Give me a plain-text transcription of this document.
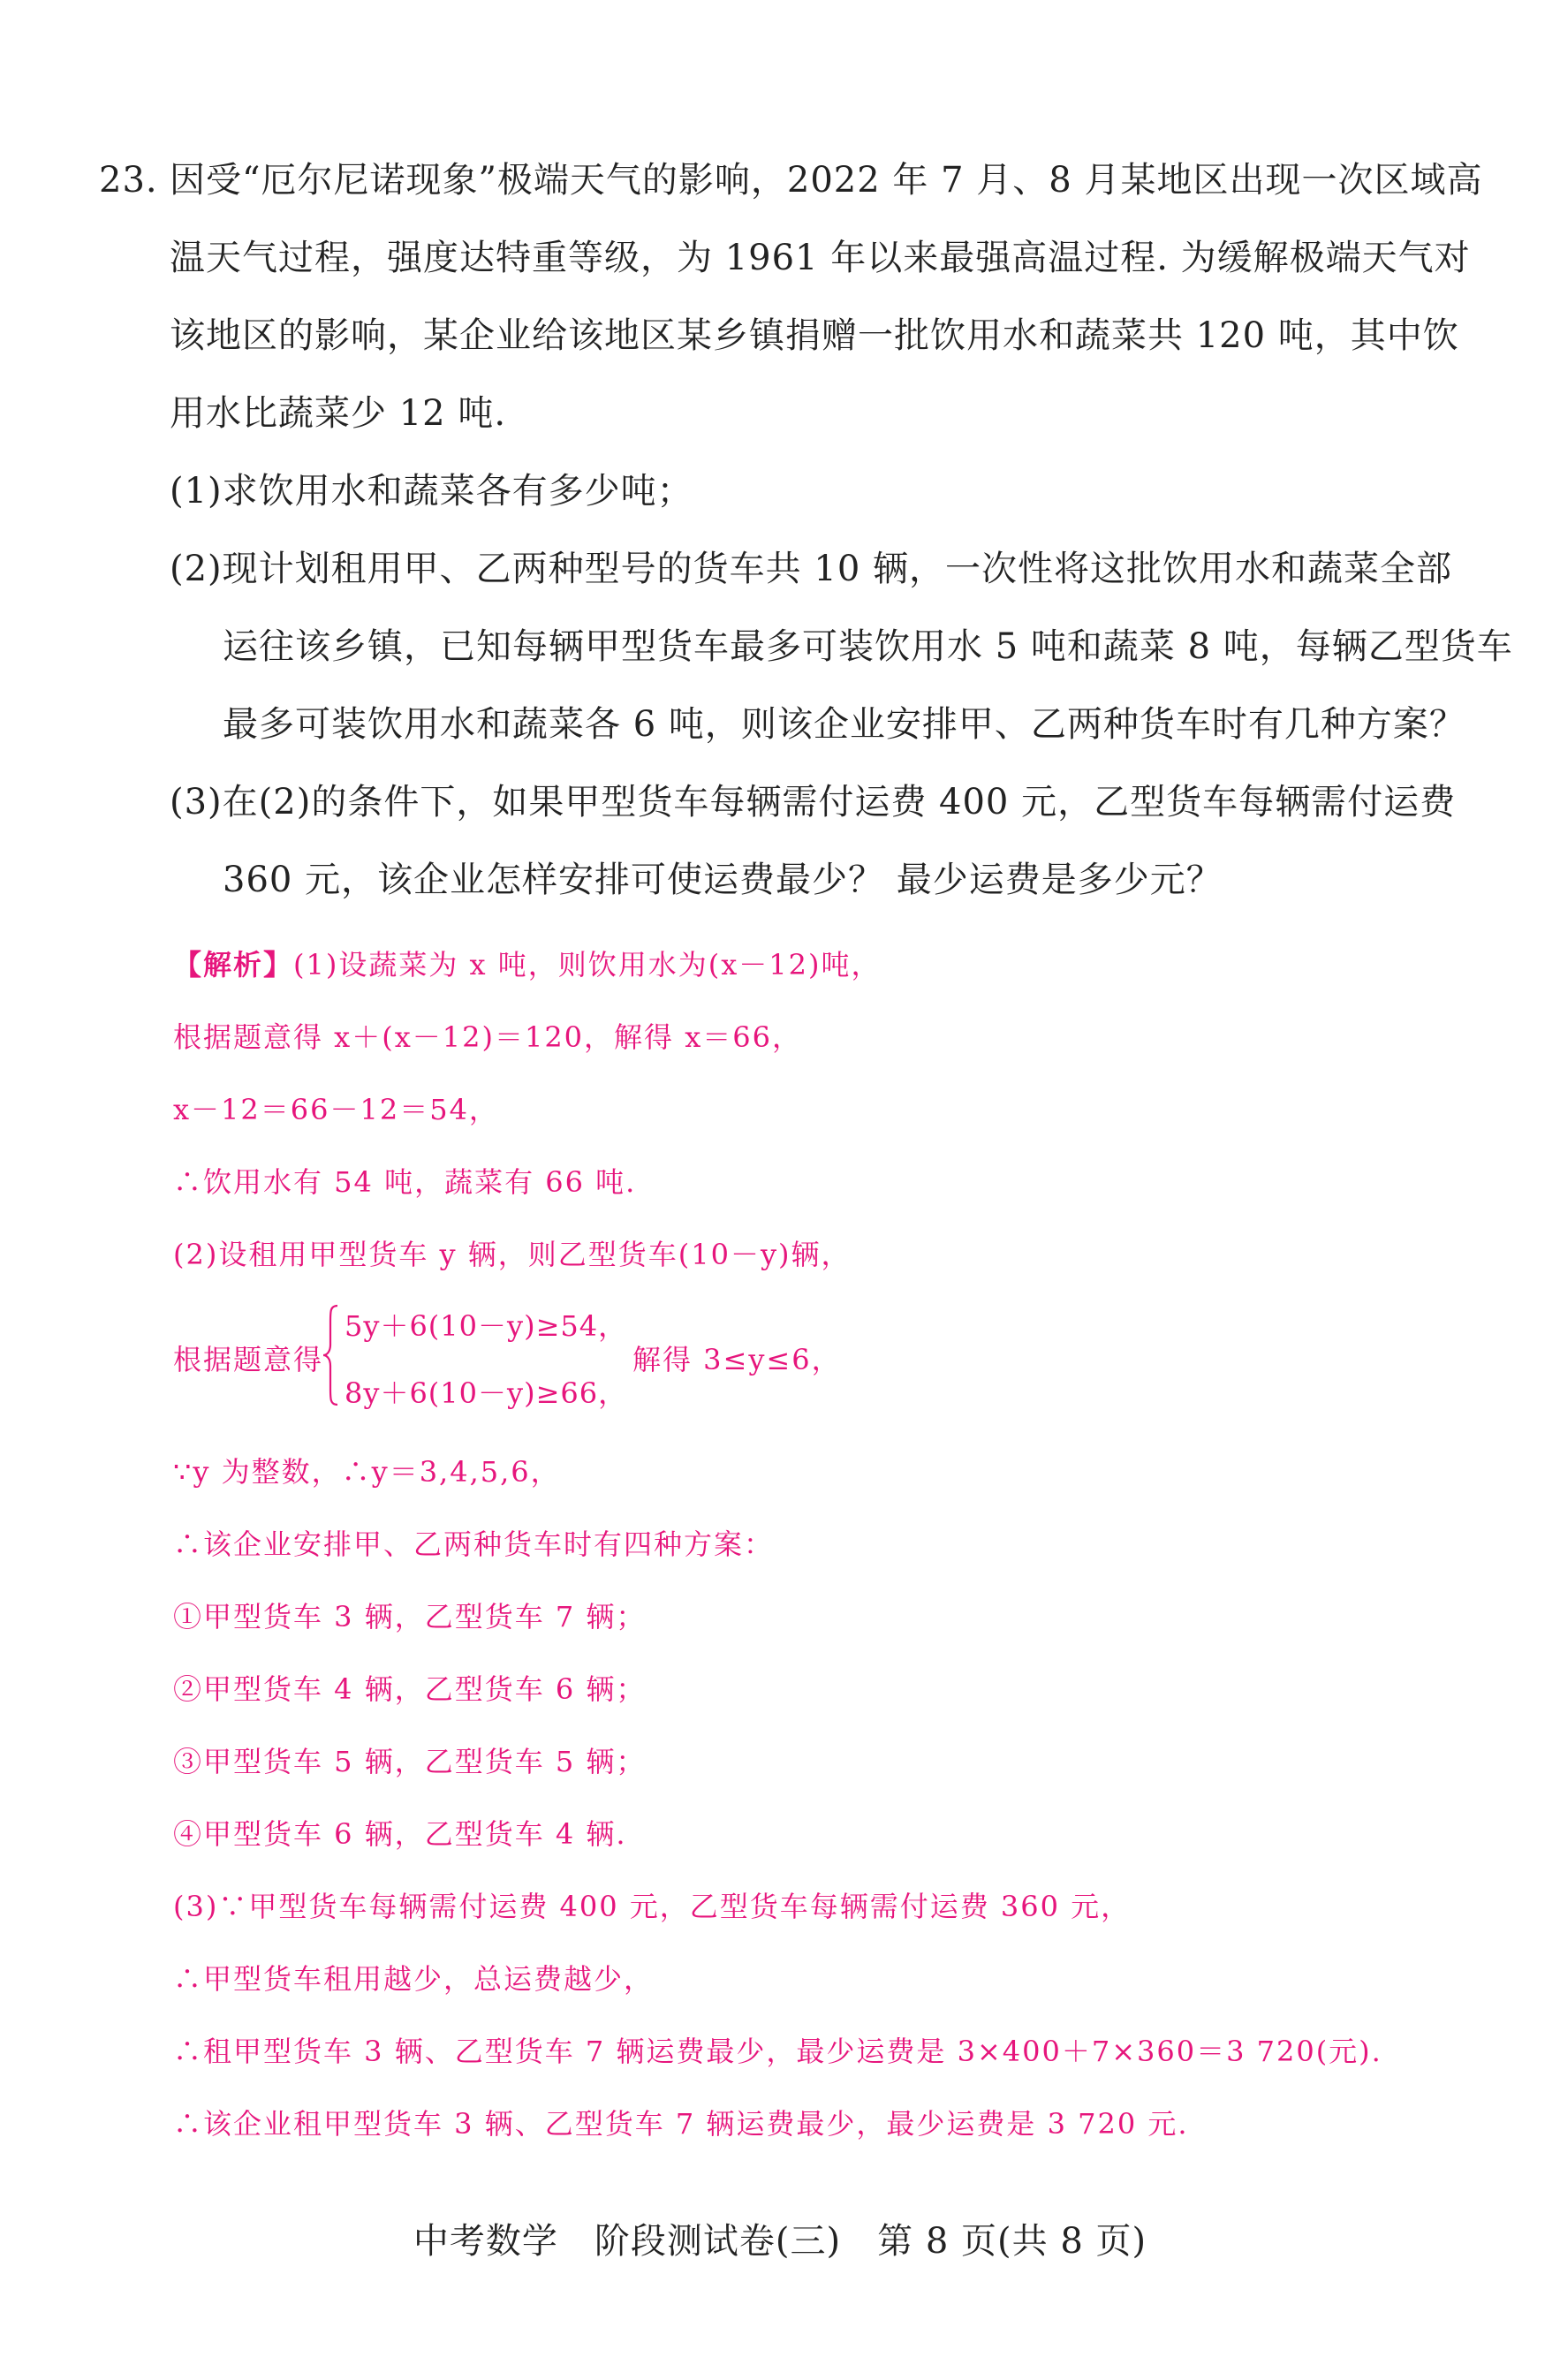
23. 因受“厄尔尼诺现象”极端天气的影响，2022 年 7 月、8 月某地区出现一次区域高
温天气过程，强度达特重等级，为 1961 年以来最强高温过程. 为缓解极端天气对
该地区的影响，某企业给该地区某乡镇捐赠一批饮用水和蔬菜共 120 吨，其中饮
用水比蔬菜少 12 吨.
(1)求饮用水和蔬菜各有多少吨；
(2)现计划租用甲、乙两种型号的货车共 10 辆，一次性将这批饮用水和蔬菜全部
运往该乡镇，已知每辆甲型货车最多可装饮用水 5 吨和蔬菜 8 吨，每辆乙型货车
最多可装饮用水和蔬菜各 6 吨，则该企业安排甲、乙两种货车时有几种方案？
(3)在(2)的条件下，如果甲型货车每辆需付运费 400 元，乙型货车每辆需付运费
360 元，该企业怎样安排可使运费最少？ 最少运费是多少元？
【解析】(1)设蔬菜为 x 吨，则饮用水为(x－12)吨，
根据题意得 x＋(x－12)＝120，解得 x＝66，
x－12＝66－12＝54，
∴饮用水有 54 吨，蔬菜有 66 吨.
(2)设租用甲型货车 y 辆，则乙型货车(10－y)辆，
根据题意得
5y＋6(10－y)≥54，
8y＋6(10－y)≥66，
解得 3≤y≤6，
∵y 为整数，∴y＝3,4,5,6，
∴该企业安排甲、乙两种货车时有四种方案：
①甲型货车 3 辆，乙型货车 7 辆；
②甲型货车 4 辆，乙型货车 6 辆；
③甲型货车 5 辆，乙型货车 5 辆；
④甲型货车 6 辆，乙型货车 4 辆.
(3)∵甲型货车每辆需付运费 400 元，乙型货车每辆需付运费 360 元，
∴甲型货车租用越少，总运费越少，
∴租甲型货车 3 辆、乙型货车 7 辆运费最少，最少运费是 3×400＋7×360＝3 720(元).
∴该企业租甲型货车 3 辆、乙型货车 7 辆运费最少，最少运费是 3 720 元.
中考数学　阶段测试卷(三)　第 8 页(共 8 页)
